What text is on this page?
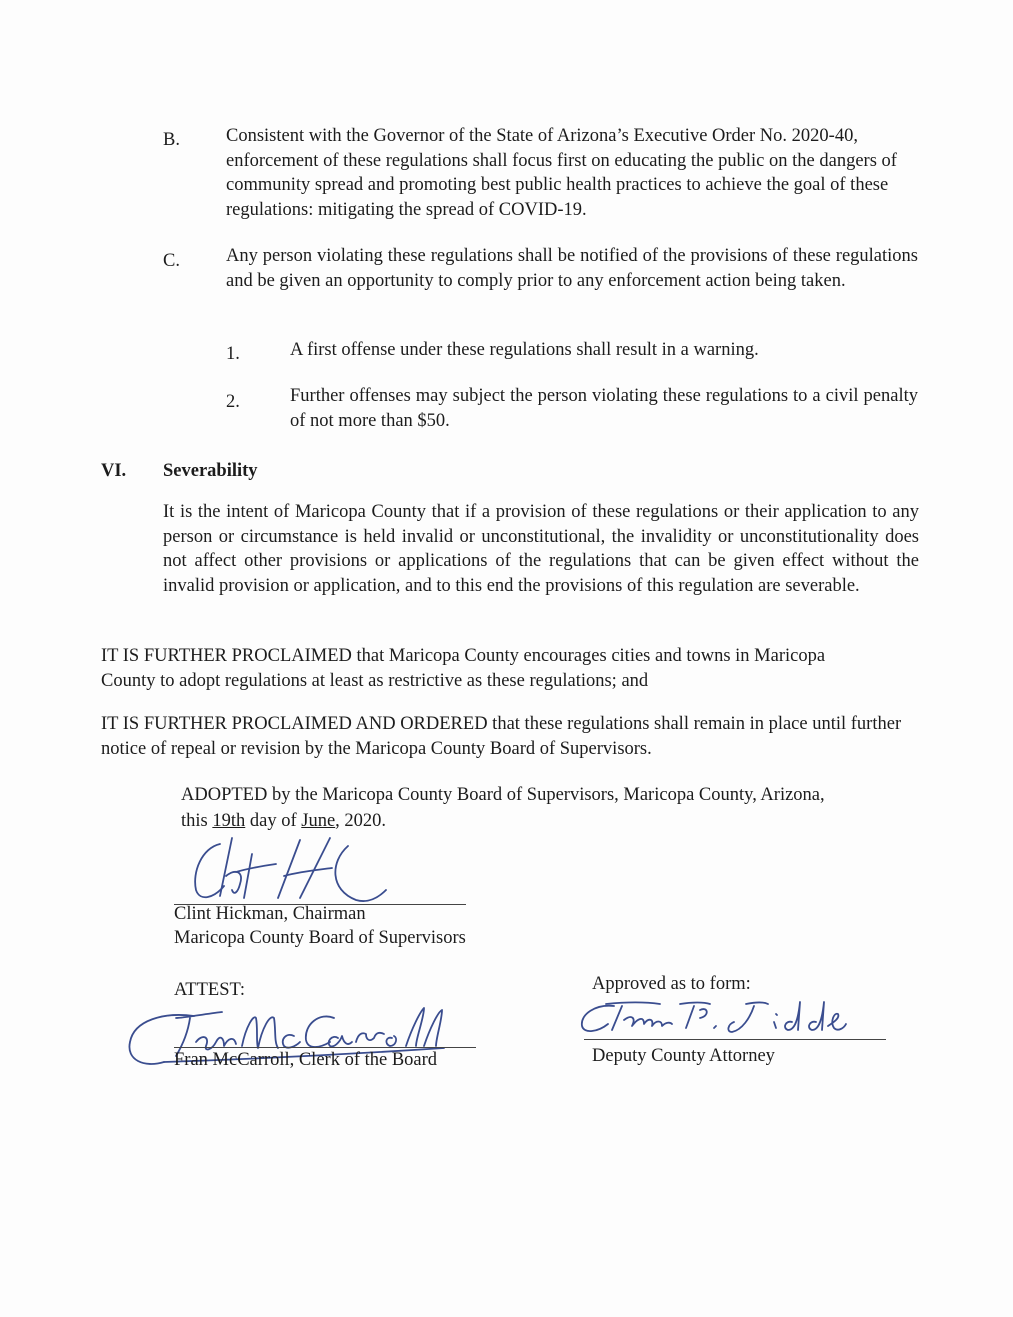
B. Consistent with the Governor of the State of Arizona’s Executive Order No. 2020-40, enforcement of these regulations shall focus first on educating the public on the dangers of community spread and promoting best public health practices to achieve the goal of these regulations: mitigating the spread of COVID-19.

C. Any person violating these regulations shall be notified of the provisions of these regulations and be given an opportunity to comply prior to any enforcement action being taken.

1.	A first offense under these regulations shall result in a warning.

2.	Further offenses may subject the person violating these regulations to a civil penalty of not more than $50.

VI. Severability

It is the intent of Maricopa County that if a provision of these regulations or their application to any person or circumstance is held invalid or unconstitutional, the invalidity or unconstitutionality does not affect other provisions or applications of the regulations that can be given effect without the invalid provision or application, and to this end the provisions of this regulation are severable.

IT IS FURTHER PROCLAIMED that Maricopa County encourages cities and towns in Maricopa County to adopt regulations at least as restrictive as these regulations; and

IT IS FURTHER PROCLAIMED AND ORDERED that these regulations shall remain in place until further notice of repeal or revision by the Maricopa County Board of Supervisors.

ADOPTED by the Maricopa County Board of Supervisors, Maricopa County, Arizona,

this 19th day of June, 2020.

Clint Hickman, Chairman
Maricopa County Board of Supervisors
ATTEST:
Fran McCarroll, Clerk of the Board
Approved as to form:
Deputy County Attorney
